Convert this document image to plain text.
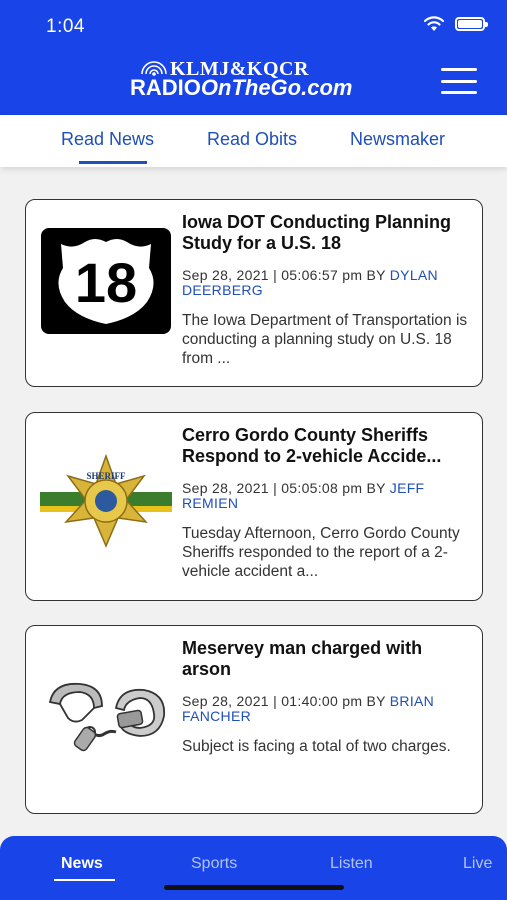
1:04
KLMJ&KQCR
RADIOOnTheGo.com
Read News	Read Obits	Newsmaker
18
Iowa DOT Conducting Planning Study for a U.S. 18
Sep 28, 2021 | 05:06:57 pm BY DYLAN DEERBERG
The Iowa Department of Transportation is conducting a planning study on U.S. 18 from ...
SHERIFF
Cerro Gordo County Sheriffs Respond to 2-vehicle Accide...
Sep 28, 2021 | 05:05:08 pm BY JEFF REMIEN
Tuesday Afternoon, Cerro Gordo County Sheriffs responded to the report of a 2-vehicle accident a...
Meservey man charged with arson
Sep 28, 2021 | 01:40:00 pm BY BRIAN FANCHER
Subject is facing a total of two charges.
News	Sports	Listen	Live
